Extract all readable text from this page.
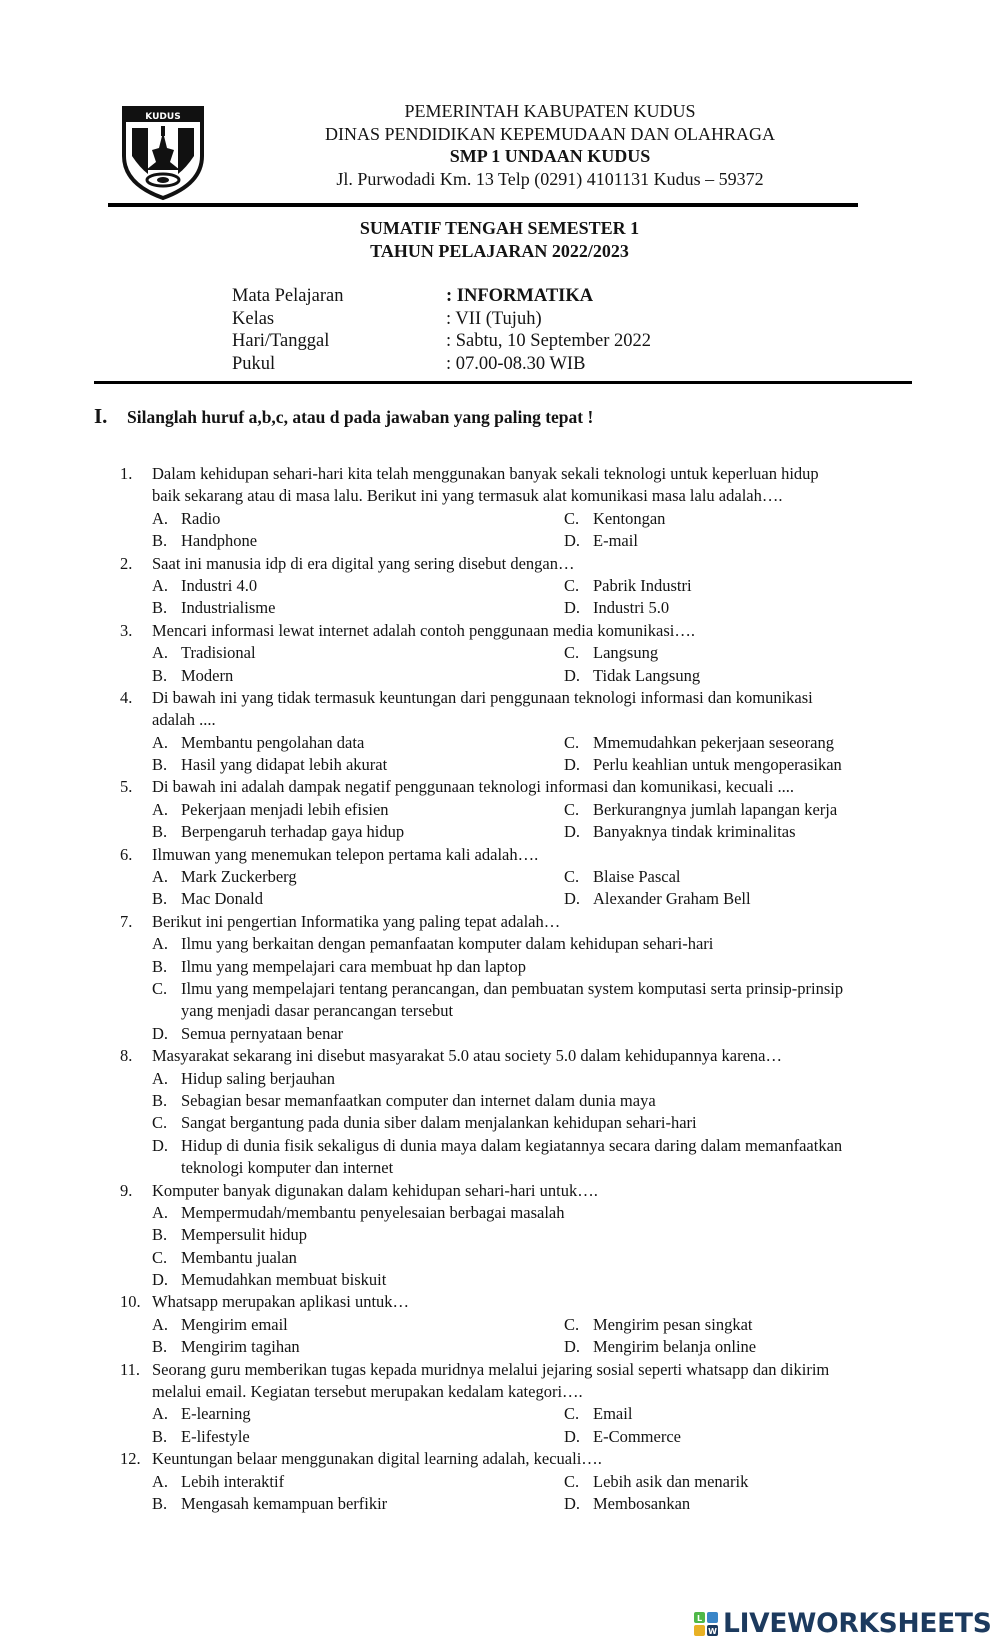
KUDUS	PEMERINTAH KABUPATEN KUDUS
DINAS PENDIDIKAN KEPEMUDAAN DAN OLAHRAGA
SMP 1 UNDAAN KUDUS
Jl. Purwodadi Km. 13 Telp (0291) 4101131 Kudus – 59372
SUMATIF TENGAH SEMESTER 1
TAHUN PELAJARAN 2022/2023
Mata Pelajaran	: INFORMATIKA
Kelas	: VII (Tujuh)
Hari/Tanggal	: Sabtu, 10 September 2022
Pukul	: 07.00-08.30 WIB
I. Silanglah huruf a,b,c, atau d pada jawaban yang paling tepat !
1. Dalam kehidupan sehari-hari kita telah menggunakan banyak sekali teknologi untuk keperluan hidup
baik sekarang atau di masa lalu. Berikut ini yang termasuk alat komunikasi masa lalu adalah….
A. Radio	C. Kentongan
B. Handphone	D. E-mail
2. Saat ini manusia idp di era digital yang sering disebut dengan…
A. Industri 4.0	C. Pabrik Industri
B. Industrialisme	D. Industri 5.0
3. Mencari informasi lewat internet adalah contoh penggunaan media komunikasi….
A. Tradisional	C. Langsung
B. Modern	D. Tidak Langsung
4. Di bawah ini yang tidak termasuk keuntungan dari penggunaan teknologi informasi dan komunikasi
adalah ....
A. Membantu pengolahan data	C. Mmemudahkan pekerjaan seseorang
B. Hasil yang didapat lebih akurat	D. Perlu keahlian untuk mengoperasikan
5. Di bawah ini adalah dampak negatif penggunaan teknologi informasi dan komunikasi, kecuali ....
A. Pekerjaan menjadi lebih efisien	C. Berkurangnya jumlah lapangan kerja
B. Berpengaruh terhadap gaya hidup	D. Banyaknya tindak kriminalitas
6. Ilmuwan yang menemukan telepon pertama kali adalah….
A. Mark Zuckerberg	C. Blaise Pascal
B. Mac Donald	D. Alexander Graham Bell
7. Berikut ini pengertian Informatika yang paling tepat adalah…
A. Ilmu yang berkaitan dengan pemanfaatan komputer dalam kehidupan sehari-hari
B. Ilmu yang mempelajari cara membuat hp dan laptop
C. Ilmu yang mempelajari tentang perancangan, dan pembuatan system komputasi serta prinsip-prinsip
yang menjadi dasar perancangan tersebut
D. Semua pernyataan benar
8. Masyarakat sekarang ini disebut masyarakat 5.0 atau society 5.0 dalam kehidupannya karena…
A. Hidup saling berjauhan
B. Sebagian besar memanfaatkan computer dan internet dalam dunia maya
C. Sangat bergantung pada dunia siber dalam menjalankan kehidupan sehari-hari
D. Hidup di dunia fisik sekaligus di dunia maya dalam kegiatannya secara daring dalam memanfaatkan
teknologi komputer dan internet
9. Komputer banyak digunakan dalam kehidupan sehari-hari untuk….
A. Mempermudah/membantu penyelesaian berbagai masalah
B. Mempersulit hidup
C. Membantu jualan
D. Memudahkan membuat biskuit
10. Whatsapp merupakan aplikasi untuk…
A. Mengirim email	C. Mengirim pesan singkat
B. Mengirim tagihan	D. Mengirim belanja online
11. Seorang guru memberikan tugas kepada muridnya melalui jejaring sosial seperti whatsapp dan dikirim
melalui email. Kegiatan tersebut merupakan kedalam kategori….
A. E-learning	C. Email
B. E-lifestyle	D. E-Commerce
12. Keuntungan belaar menggunakan digital learning adalah, kecuali….
A. Lebih interaktif	C. Lebih asik dan menarik
B. Mengasah kemampuan berfikir	D. Membosankan
L
W LIVEWORKSHEETS
